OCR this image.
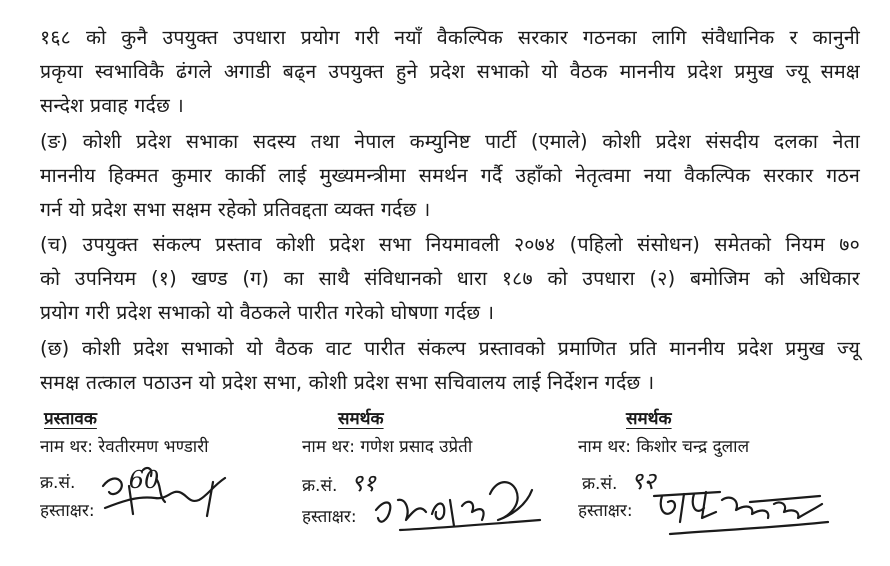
१६८ को कुनै उपयुक्त उपधारा प्रयोग गरी नयाँ वैकल्पिक सरकार गठनका लागि संवैधानिक र कानुनी
प्रकृया स्वभाविकै ढंगले अगाडी बढ्न उपयुक्त हुने प्रदेश सभाको यो वैठक माननीय प्रदेश प्रमुख ज्यू समक्ष
सन्देश प्रवाह गर्दछ ।
(ङ) कोशी प्रदेश सभाका सदस्य तथा नेपाल कम्युनिष्ट पार्टी (एमाले) कोशी प्रदेश संसदीय दलका नेता
माननीय हिक्मत कुमार कार्की लाई मुख्यमन्त्रीमा समर्थन गर्दै उहाँको नेतृत्वमा नया वैकल्पिक सरकार गठन
गर्न यो प्रदेश सभा सक्षम रहेको प्रतिवद्दता व्यक्त गर्दछ ।
(च) उपयुक्त संकल्प प्रस्ताव कोशी प्रदेश सभा नियमावली २०७४ (पहिलो संसोधन) समेतको नियम ७०
को उपनियम (१) खण्ड (ग) का साथै संविधानको धारा १८७ को उपधारा (२) बमोजिम को अधिकार
प्रयोग गरी प्रदेश सभाको यो वैठकले पारीत गरेको घोषणा गर्दछ ।
(छ) कोशी प्रदेश सभाको यो वैठक वाट पारीत संकल्प प्रस्तावको प्रमाणित प्रति माननीय प्रदेश प्रमुख ज्यू
समक्ष तत्काल पठाउन यो प्रदेश सभा, कोशी प्रदेश सभा सचिवालय लाई निर्देशन गर्दछ ।
प्रस्तावक
नाम थर: रेवतीरमण भण्डारी
क्र.सं. 60
हस्ताक्षर:
समर्थक
नाम थर: गणेश प्रसाद उप्रेती
क्र.सं. ९१
हस्ताक्षर:
समर्थक
नाम थर: किशोर चन्द्र दुलाल
क्र.सं. ९२
हस्ताक्षर:
